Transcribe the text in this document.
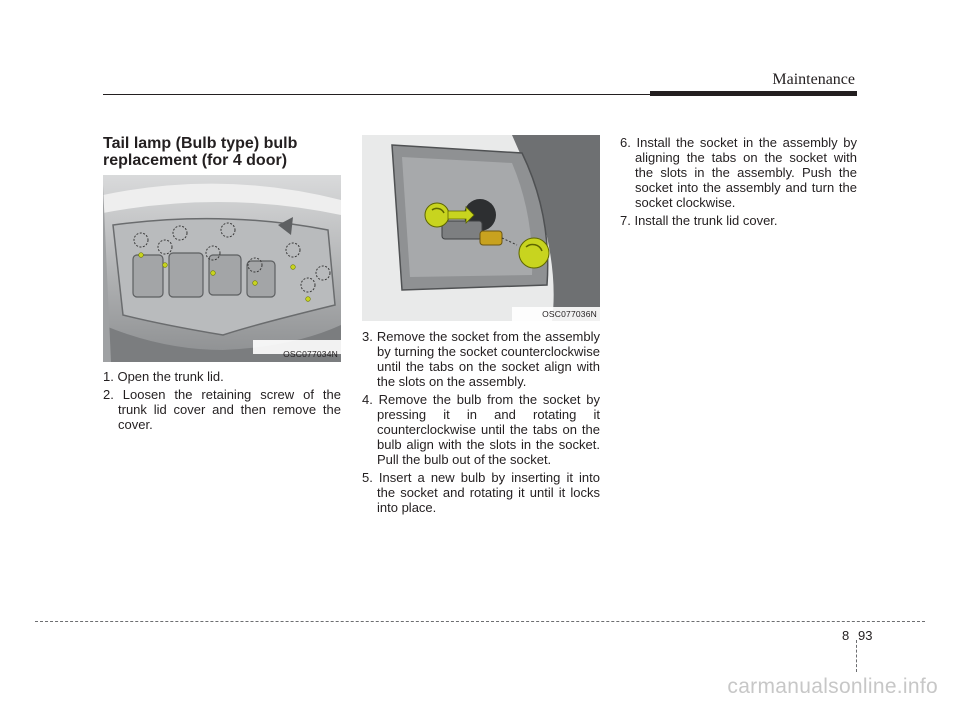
Maintenance
Tail lamp (Bulb type) bulb replacement (for 4 door)
OSC077034N
OSC077036N
1. Open the trunk lid.
2. Loosen the retaining screw of the trunk lid cover and then remove the cover.
3. Remove the socket from the assembly by turning the socket counterclockwise until the tabs on the socket align with the slots on the assembly.
4. Remove the bulb from the socket by pressing it in and rotating it counterclockwise until the tabs on the bulb align with the slots in the socket. Pull the bulb out of the socket.
5. Insert a new bulb by inserting it into the socket and rotating it until it locks into place.
6. Install the socket in the assembly by aligning the tabs on the socket with the slots in the assembly. Push the socket into the assembly and turn the socket clockwise.
7. Install the trunk lid cover.
8 93
carmanualsonline.info
